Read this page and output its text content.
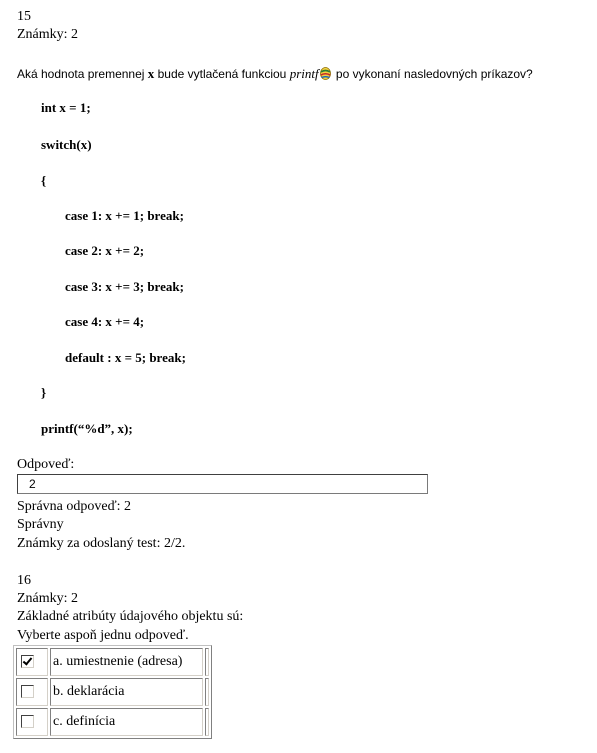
15
Známky: 2
Aká hodnota premennej x bude vytlačená funkciou printf po vykonaní nasledovných príkazov?
int x = 1;
switch(x)
{
case 1: x += 1; break;
case 2: x += 2;
case 3: x += 3; break;
case 4: x += 4;
default : x = 5; break;
}
printf(“%d”, x);
Odpoveď:
2
Správna odpoveď: 2
Správny
Známky za odoslaný test: 2/2.
16
Známky: 2
Základné atribúty údajového objektu sú:
Vyberte aspoň jednu odpoveď.
	a. umiestnenie (adresa)	
	b. deklarácia	
	c. definícia	
